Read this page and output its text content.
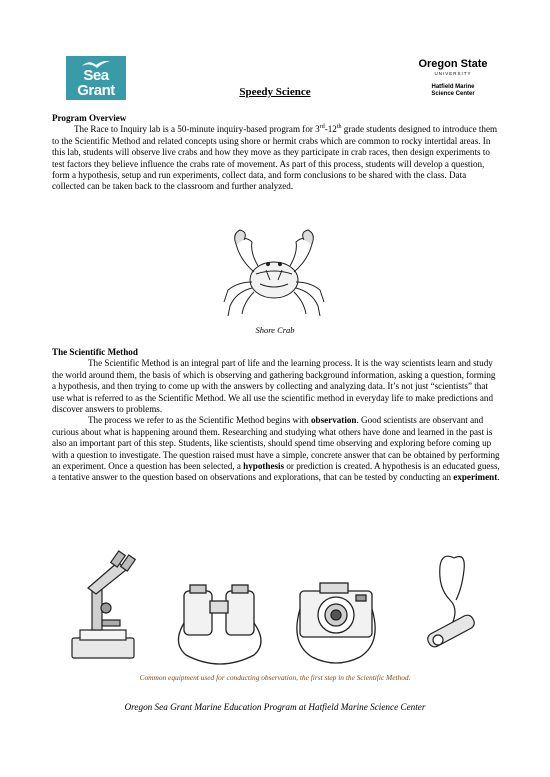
Sea Grant
Oregon
Oregon State
UNIVERSITY
Hatfield Marine
Science Center
Speedy Science
Program Overview

The Race to Inquiry lab is a 50-minute inquiry-based program for 3rd-12th grade students designed to introduce them to the Scientific Method and related concepts using shore or hermit crabs which are common to rocky intertidal areas. In this lab, students will observe live crabs and how they move as they participate in crab races, then design experiments to test factors they believe influence the crabs rate of movement. As part of this process, students will develop a question, form a hypothesis, setup and run experiments, collect data, and form conclusions to be shared with the class. Data collected can be taken back to the classroom and further analyzed.

Shore Crab
The Scientific Method

The Scientific Method is an integral part of life and the learning process. It is the way scientists learn and study the world around them, the basis of which is observing and gathering background information, asking a question, forming a hypothesis, and then trying to come up with the answers by collecting and analyzing data. It’s not just “scientists” that use what is referred to as the Scientific Method. We all use the scientific method in everyday life to make predictions and discover answers to problems.

The process we refer to as the Scientific Method begins with observation. Good scientists are observant and curious about what is happening around them. Researching and studying what others have done and learned in the past is also an important part of this step. Students, like scientists, should spend time observing and exploring before coming up with a question to investigate. The question raised must have a simple, concrete answer that can be obtained by performing an experiment. Once a question has been selected, a hypothesis or prediction is created. A hypothesis is an educated guess, a tentative answer to the question based on observations and explorations, that can be tested by conducting an experiment.

Common equipment used for conducting observation, the first step in the Scientific Method.
Oregon Sea Grant Marine Education Program at Hatfield Marine Science Center
